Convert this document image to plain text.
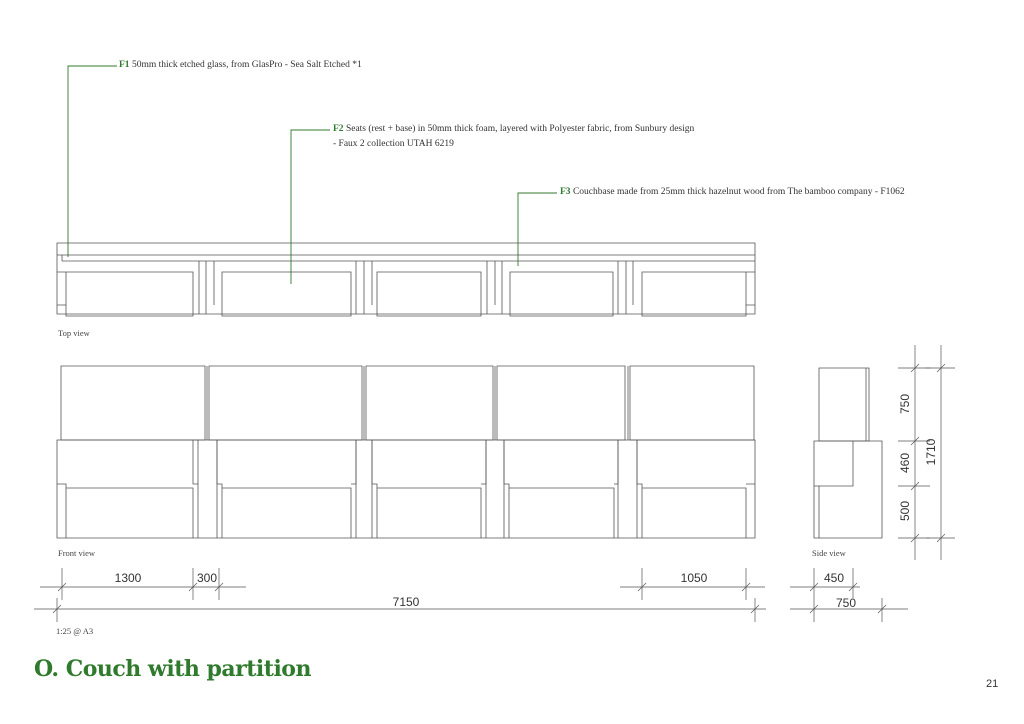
F1 50mm thick etched glass, from GlasPro - Sea Salt Etched *1
F2 Seats (rest + base) in 50mm thick foam, layered with Polyester fabric, from Sunbury design
- Faux 2 collection UTAH 6219
F3 Couchbase made from 25mm thick hazelnut wood from The bamboo company - F1062
Top view
Front view	Side view
1300	300	1050
7150
450
750
750
460
500
1710
1:25 @ A3
O. Couch with partition
21
